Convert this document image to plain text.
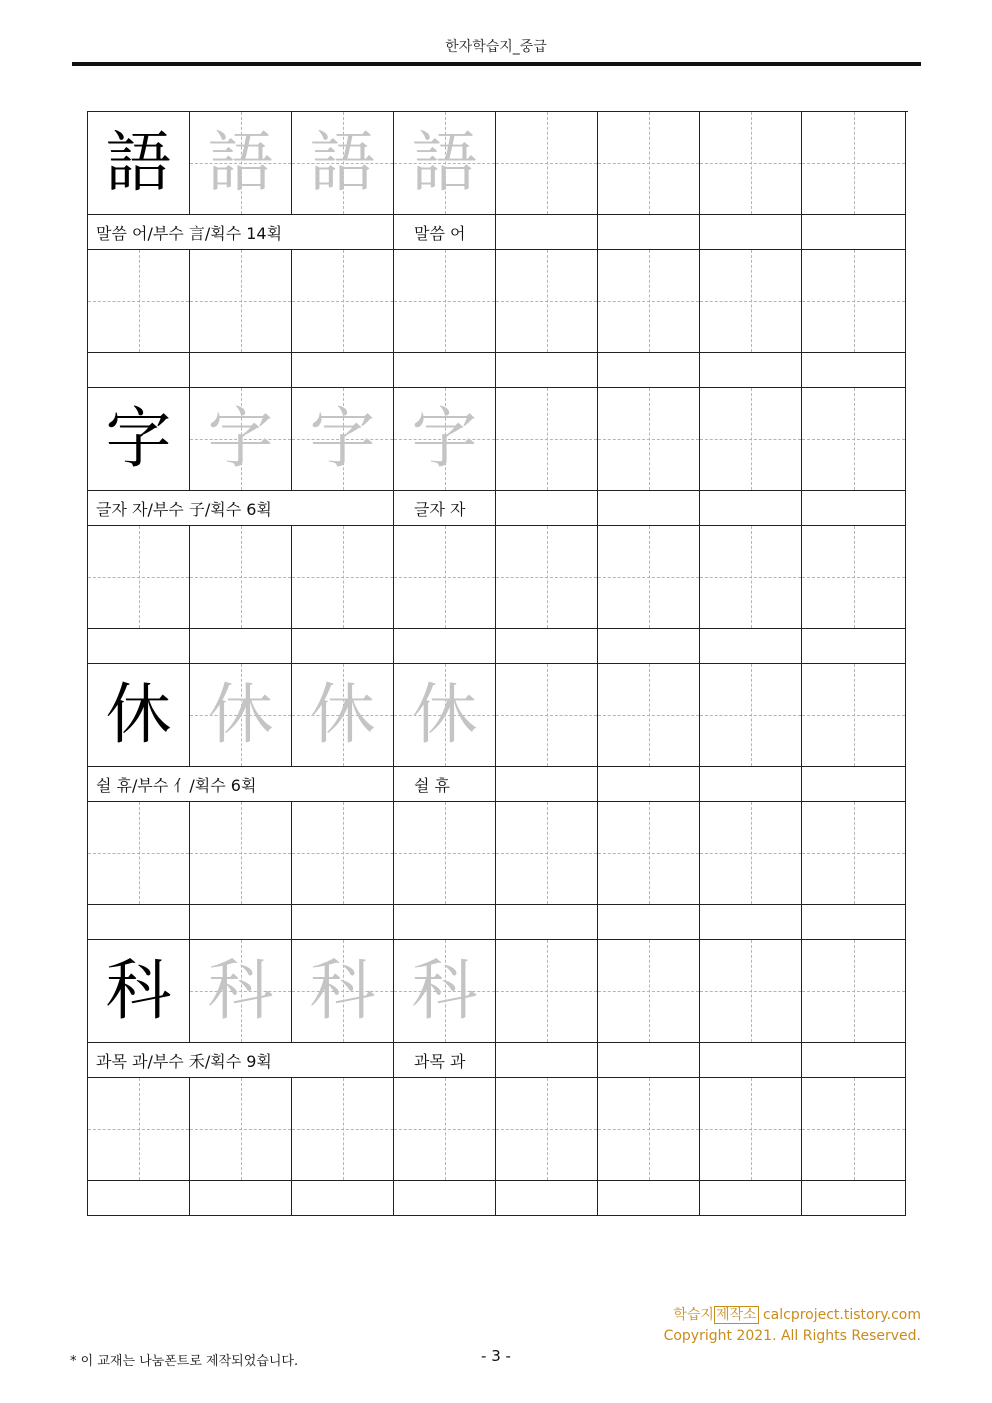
한자학습지_중급
語 語 語 語
말씀 어/부수 言/획수 14획	말씀 어
字 字 字 字
글자 자/부수 子/획수 6획	글자 자
休 休 休 休
쉴 휴/부수 亻/획수 6획	쉴 휴
科 科 科 科
과목 과/부수 禾/획수 9획	과목 과
학습지 제작소 calcproject.tistory.com
Copyright 2021. All Rights Reserved.
* 이 교재는 나눔폰트로 제작되었습니다.	- 3 -
